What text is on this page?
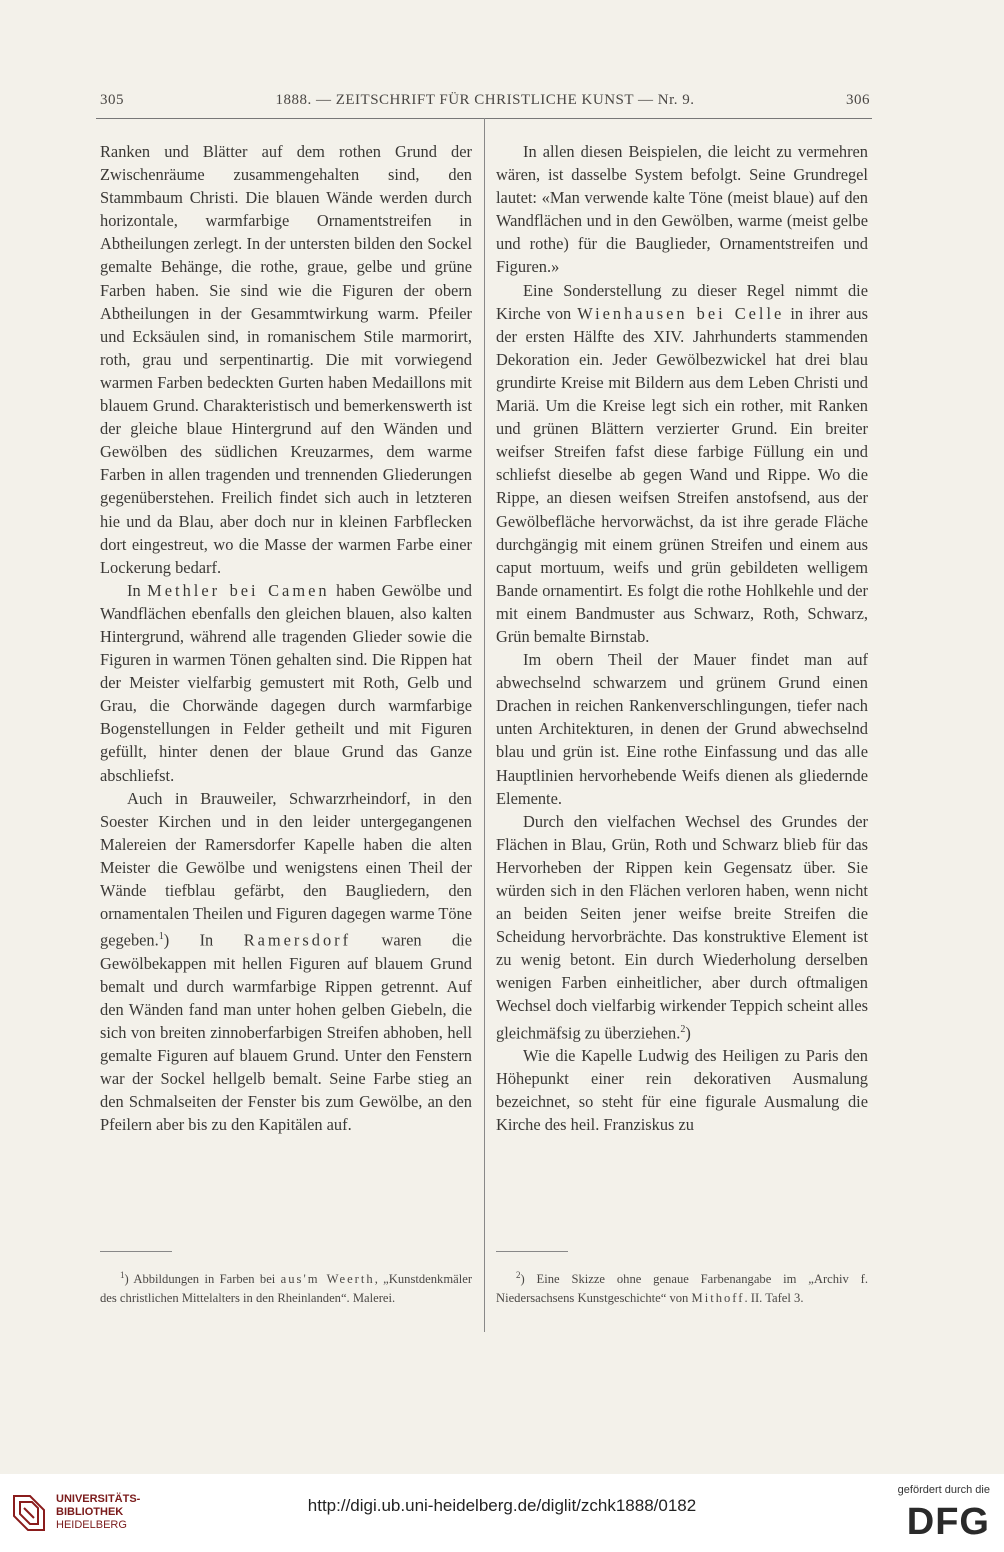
305	1888. — ZEITSCHRIFT FÜR CHRISTLICHE KUNST — Nr. 9.	306

Ranken und Blätter auf dem rothen Grund der Zwischenräume zusammengehalten sind, den Stammbaum Christi. Die blauen Wände werden durch horizontale, warmfarbige Ornamentstreifen in Abtheilungen zerlegt. In der untersten bilden den Sockel gemalte Behänge, die rothe, graue, gelbe und grüne Farben haben. Sie sind wie die Figuren der obern Abtheilungen in der Gesammtwirkung warm. Pfeiler und Ecksäulen sind, in romanischem Stile marmorirt, roth, grau und serpentinartig. Die mit vorwiegend warmen Farben bedeckten Gurten haben Medaillons mit blauem Grund. Charakteristisch und bemerkenswerth ist der gleiche blaue Hintergrund auf den Wänden und Gewölben des südlichen Kreuzarmes, dem warme Farben in allen tragenden und trennenden Gliederungen gegenüberstehen. Freilich findet sich auch in letzteren hie und da Blau, aber doch nur in kleinen Farbflecken dort eingestreut, wo die Masse der warmen Farbe einer Lockerung bedarf.

In Methler bei Camen haben Gewölbe und Wandflächen ebenfalls den gleichen blauen, also kalten Hintergrund, während alle tragenden Glieder sowie die Figuren in warmen Tönen gehalten sind. Die Rippen hat der Meister vielfarbig gemustert mit Roth, Gelb und Grau, die Chorwände dagegen durch warmfarbige Bogenstellungen in Felder getheilt und mit Figuren gefüllt, hinter denen der blaue Grund das Ganze abschliefst.

Auch in Brauweiler, Schwarzrheindorf, in den Soester Kirchen und in den leider untergegangenen Malereien der Ramersdorfer Kapelle haben die alten Meister die Gewölbe und wenigstens einen Theil der Wände tiefblau gefärbt, den Baugliedern, den ornamentalen Theilen und Figuren dagegen warme Töne gegeben.$^1$) In Ramersdorf waren die Gewölbekappen mit hellen Figuren auf blauem Grund bemalt und durch warmfarbige Rippen getrennt. Auf den Wänden fand man unter hohen gelben Giebeln, die sich von breiten zinnoberfarbigen Streifen abhoben, hell gemalte Figuren auf blauem Grund. Unter den Fenstern war der Sockel hellgelb bemalt. Seine Farbe stieg an den Schmalseiten der Fenster bis zum Gewölbe, an den Pfeilern aber bis zu den Kapitälen auf.

In allen diesen Beispielen, die leicht zu vermehren wären, ist dasselbe System befolgt. Seine Grundregel lautet: «Man verwende kalte Töne (meist blaue) auf den Wandflächen und in den Gewölben, warme (meist gelbe und rothe) für die Bauglieder, Ornamentstreifen und Figuren.»

Eine Sonderstellung zu dieser Regel nimmt die Kirche von Wienhausen bei Celle in ihrer aus der ersten Hälfte des XIV. Jahrhunderts stammenden Dekoration ein. Jeder Gewölbezwickel hat drei blau grundirte Kreise mit Bildern aus dem Leben Christi und Mariä. Um die Kreise legt sich ein rother, mit Ranken und grünen Blättern verzierter Grund. Ein breiter weifser Streifen fafst diese farbige Füllung ein und schliefst dieselbe ab gegen Wand und Rippe. Wo die Rippe, an diesen weifsen Streifen anstofsend, aus der Gewölbefläche hervorwächst, da ist ihre gerade Fläche durchgängig mit einem grünen Streifen und einem aus caput mortuum, weifs und grün gebildeten welligem Bande ornamentirt. Es folgt die rothe Hohlkehle und der mit einem Bandmuster aus Schwarz, Roth, Schwarz, Grün bemalte Birnstab.

Im obern Theil der Mauer findet man auf abwechselnd schwarzem und grünem Grund einen Drachen in reichen Rankenverschlingungen, tiefer nach unten Architekturen, in denen der Grund abwechselnd blau und grün ist. Eine rothe Einfassung und das alle Hauptlinien hervorhebende Weifs dienen als gliedernde Elemente.

Durch den vielfachen Wechsel des Grundes der Flächen in Blau, Grün, Roth und Schwarz blieb für das Hervorheben der Rippen kein Gegensatz über. Sie würden sich in den Flächen verloren haben, wenn nicht an beiden Seiten jener weifse breite Streifen die Scheidung hervorbrächte. Das konstruktive Element ist zu wenig betont. Ein durch Wiederholung derselben wenigen Farben einheitlicher, aber durch oftmaligen Wechsel doch vielfarbig wirkender Teppich scheint alles gleichmäfsig zu überziehen.$^2$)

Wie die Kapelle Ludwig des Heiligen zu Paris den Höhepunkt einer rein dekorativen Ausmalung bezeichnet, so steht für eine figurale Ausmalung die Kirche des heil. Franziskus zu

$^1$) Abbildungen in Farben bei aus'm Weerth, „Kunstdenkmäler des christlichen Mittelalters in den Rheinlanden“. Malerei.
$^2$) Eine Skizze ohne genaue Farbenangabe im „Archiv f. Niedersachsens Kunstgeschichte“ von Mithoff. II. Tafel 3.
UNIVERSITÄTS-
BIBLIOTHEK
HEIDELBERG
http://digi.ub.uni-heidelberg.de/diglit/zchk1888/0182
gefördert durch die
DFG
